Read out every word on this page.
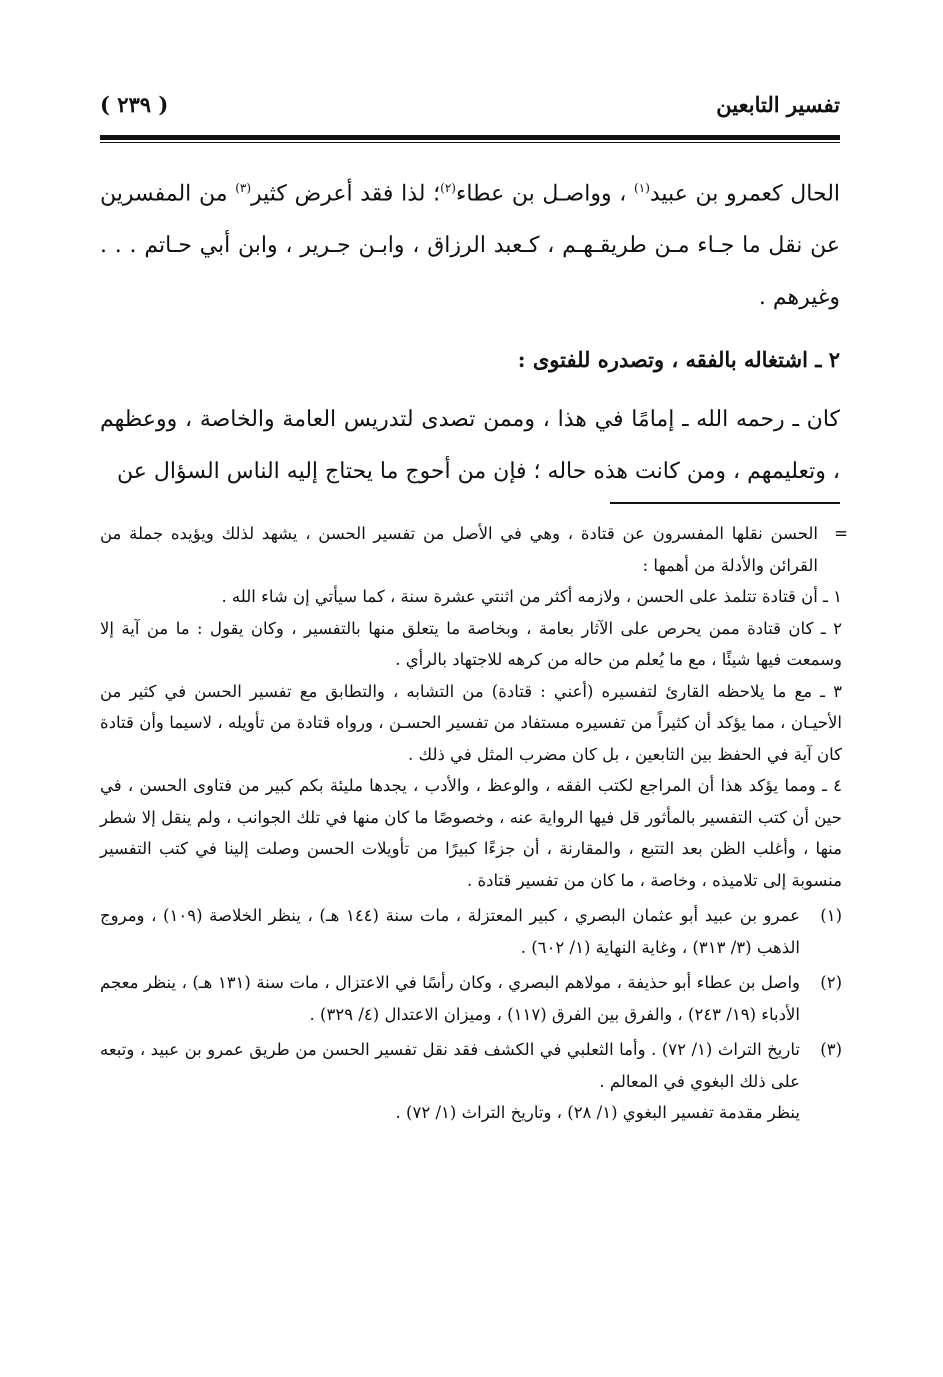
تفسير التابعين
( ٢٣٩ )

الحال كعمرو بن عبيد$^{(١)}$ ، وواصـل بن عطاء$^{(٢)}$؛ لذا فقد أعرض كثير$^{(٣)}$ من المفسرين عن نقل ما جـاء مـن طريقـهـم ، كـعبد الرزاق ، وابـن جـرير ، وابن أبي حـاتم . . . وغيرهم .

٢ ـ اشتغاله بالفقه ، وتصدره للفتوى :

كان ـ رحمه الله ـ إمامًا في هذا ، وممن تصدى لتدريس العامة والخاصة ، ووعظهم ، وتعليمهم ، ومن كانت هذه حاله ؛ فإن من أحوج ما يحتاج إليه الناس السؤال عن

=
الحسن نقلها المفسرون عن قتادة ، وهي في الأصل من تفسير الحسن ، يشهد لذلك ويؤيده جملة من القرائن والأدلة من أهمها :

١ ـ أن قتادة تتلمذ على الحسن ، ولازمه أكثر من اثنتي عشرة سنة ، كما سيأتي إن شاء الله .

٢ ـ كان قتادة ممن يحرص على الآثار بعامة ، وبخاصة ما يتعلق منها بالتفسير ، وكان يقول : ما من آية إلا وسمعت فيها شيئًا ، مع ما يُعلم من حاله من كرهه للاجتهاد بالرأي .

٣ ـ مع ما يلاحظه القارئ لتفسيره (أعني : قتادة) من التشابه ، والتطابق مع تفسير الحسن في كثير من الأحيـان ، مما يؤكد أن كثيراً من تفسيره مستفاد من تفسير الحسـن ، ورواه قتادة من تأويله ، لاسيما وأن قتادة كان آية في الحفظ بين التابعين ، بل كان مضرب المثل في ذلك .

٤ ـ ومما يؤكد هذا أن المراجع لكتب الفقه ، والوعظ ، والأدب ، يجدها مليئة بكم كبير من فتاوى الحسن ، في حين أن كتب التفسير بالمأثور قل فيها الرواية عنه ، وخصوصًا ما كان منها في تلك الجوانب ، ولم ينقل إلا شطر منها ، وأغلب الظن بعد التتبع ، والمقارنة ، أن جزءًا كبيرًا من تأويلات الحسن وصلت إلينا في كتب التفسير منسوبة إلى تلاميذه ، وخاصة ، ما كان من تفسير قتادة .

(١)
عمرو بن عبيد أبو عثمان البصري ، كبير المعتزلة ، مات سنة (١٤٤ هـ) ، ينظر الخلاصة (١٠٩) ، ومروج الذهب (٣/ ٣١٣) ، وغاية النهاية (١/ ٦٠٢) .
(٢)
واصل بن عطاء أبو حذيفة ، مولاهم البصري ، وكان رأسًا في الاعتزال ، مات سنة (١٣١ هـ) ، ينظر معجم الأدباء (١٩/ ٢٤٣) ، والفرق بين الفرق (١١٧) ، وميزان الاعتدال (٤/ ٣٢٩) .
(٣)
تاريخ التراث (١/ ٧٢) . وأما الثعلبي في الكشف فقد نقل تفسير الحسن من طريق عمرو بن عبيد ، وتبعه على ذلك البغوي في المعالم .
ينظر مقدمة تفسير البغوي (١/ ٢٨) ، وتاريخ التراث (١/ ٧٢) .
